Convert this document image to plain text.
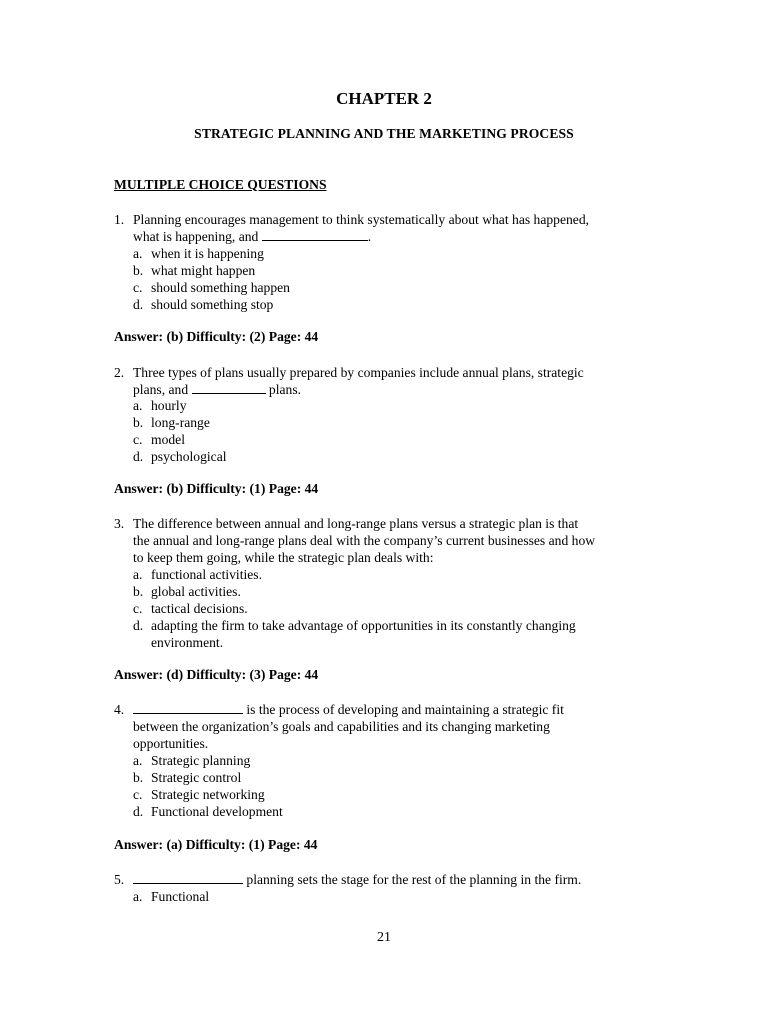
CHAPTER 2
STRATEGIC PLANNING AND THE MARKETING PROCESS
MULTIPLE CHOICE QUESTIONS
1. Planning encourages management to think systematically about what has happened,
what is happening, and	.
a. when it is happening
b. what might happen
c. should something happen
d. should something stop
Answer: (b) Difficulty: (2) Page: 44
2. Three types of plans usually prepared by companies include annual plans, strategic
plans, and	plans.
a. hourly
b. long-range
c. model
d. psychological
Answer: (b) Difficulty: (1) Page: 44
3. The difference between annual and long-range plans versus a strategic plan is that
the annual and long-range plans deal with the company’s current businesses and how
to keep them going, while the strategic plan deals with:
a. functional activities.
b. global activities.
c. tactical decisions.
d. adapting the firm to take advantage of opportunities in its constantly changing
environment.
Answer: (d) Difficulty: (3) Page: 44
4.	is the process of developing and maintaining a strategic fit
between the organization’s goals and capabilities and its changing marketing
opportunities.
a. Strategic planning
b. Strategic control
c. Strategic networking
d. Functional development
Answer: (a) Difficulty: (1) Page: 44
5.	planning sets the stage for the rest of the planning in the firm.
a. Functional
21
